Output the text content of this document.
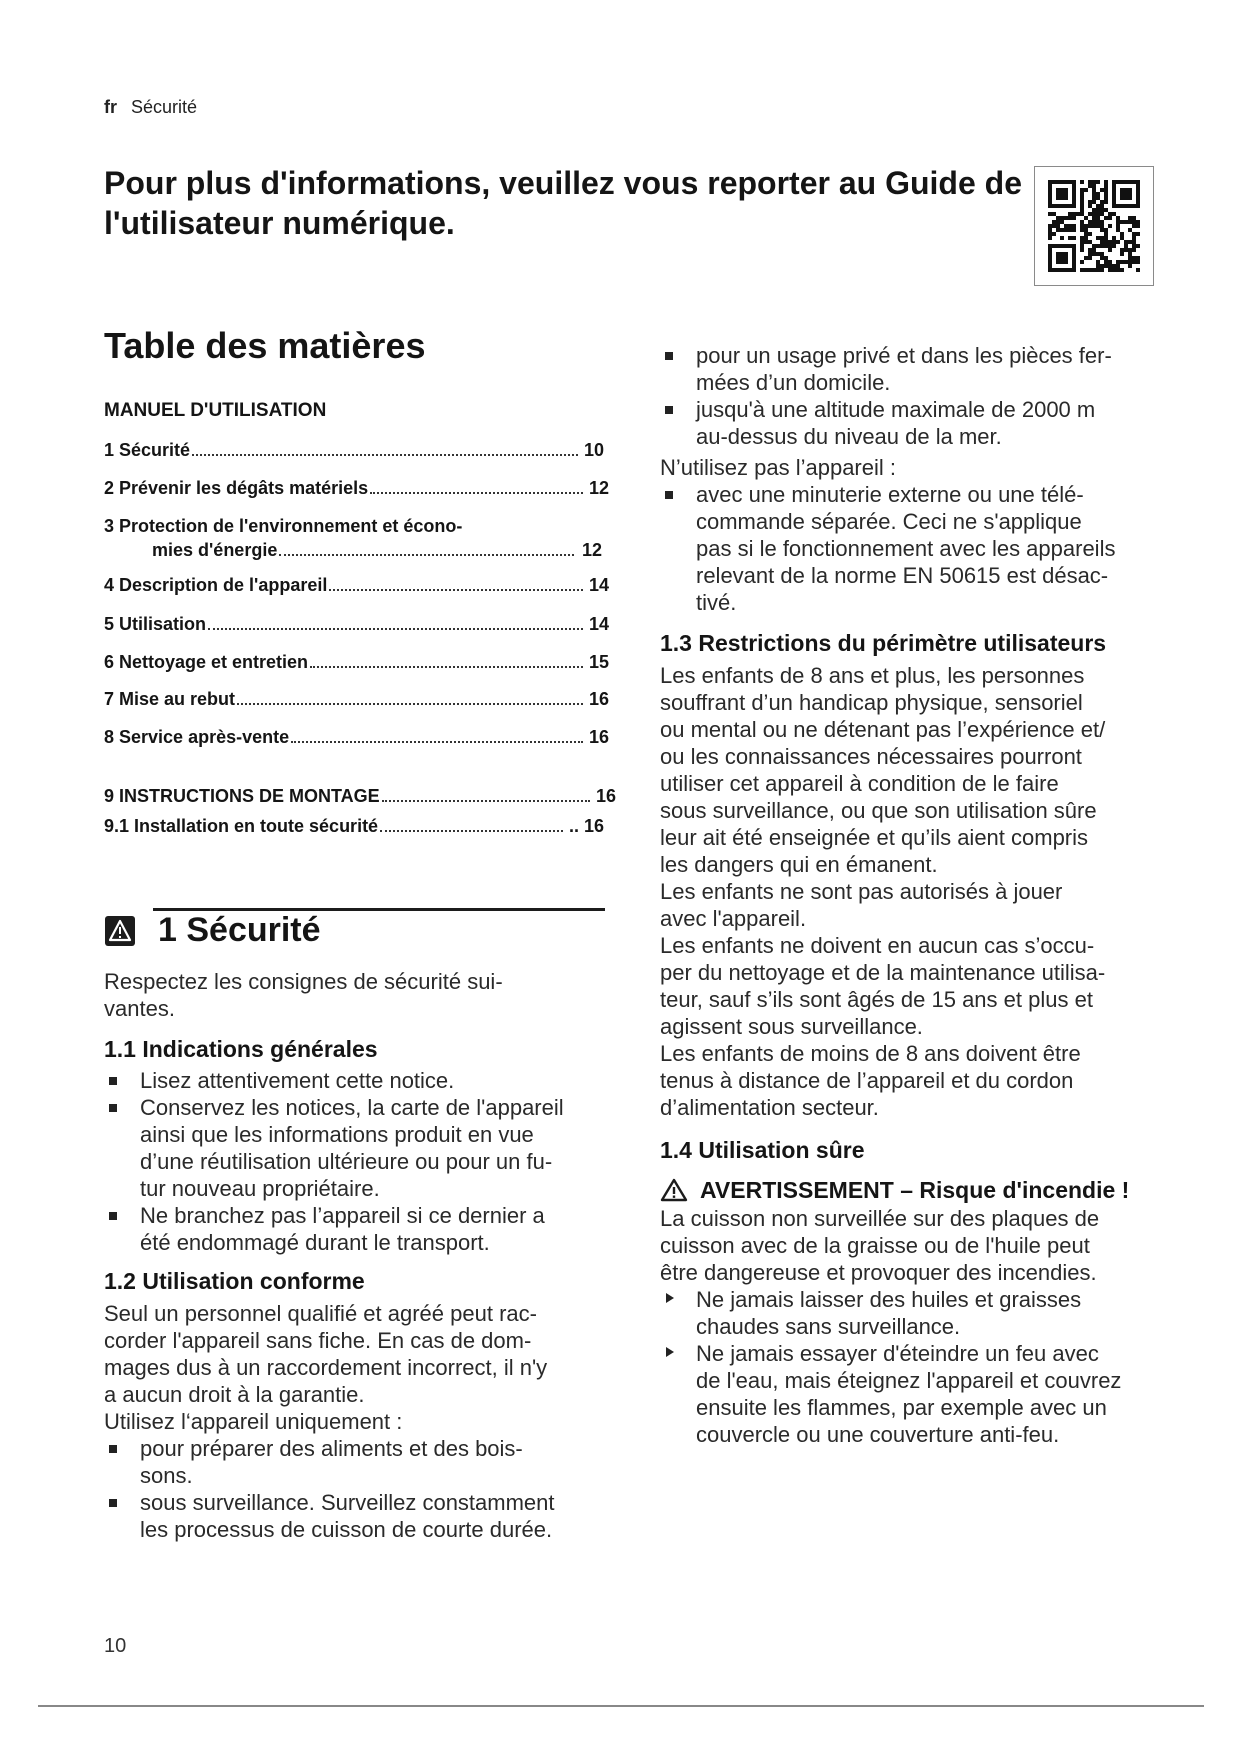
fr Sécurité
Pour plus d'informations, veuillez vous reporter au Guide de
l'utilisateur numérique.
Table des matières
MANUEL D'UTILISATION
1 Sécurité	10
2 Prévenir les dégâts matériels	12
3 Protection de l'environnement et écono-
mies d'énergie	12
4 Description de l'appareil	14
5 Utilisation	14
6 Nettoyage et entretien	15
7 Mise au rebut	16
8 Service après-vente	16
9 INSTRUCTIONS DE MONTAGE	16
9.1 Installation en toute sécurité	.. 16
1 Sécurité

Respectez les consignes de sécurité sui-
vantes.

1.1 Indications générales
Lisez attentivement cette notice.
Conservez les notices, la carte de l'appareil
ainsi que les informations produit en vue
d’une réutilisation ultérieure ou pour un fu-
tur nouveau propriétaire.
Ne branchez pas l’appareil si ce dernier a
été endommagé durant le transport.
1.2 Utilisation conforme

Seul un personnel qualifié et agréé peut rac-
corder l'appareil sans fiche. En cas de dom-
mages dus à un raccordement incorrect, il n'y
a aucun droit à la garantie.

Utilisez l‘appareil uniquement :

pour préparer des aliments et des bois-
sons.
sous surveillance. Surveillez constamment
les processus de cuisson de courte durée.
pour un usage privé et dans les pièces fer-
mées d’un domicile.
jusqu'à une altitude maximale de 2000 m
au-dessus du niveau de la mer.

N’utilisez pas l’appareil :

avec une minuterie externe ou une télé-
commande séparée. Ceci ne s'applique
pas si le fonctionnement avec les appareils
relevant de la norme EN 50615 est désac-
tivé.
1.3 Restrictions du périmètre utilisateurs

Les enfants de 8 ans et plus, les personnes
souffrant d’un handicap physique, sensoriel
ou mental ou ne détenant pas l’expérience et/
ou les connaissances nécessaires pourront
utiliser cet appareil à condition de le faire
sous surveillance, ou que son utilisation sûre
leur ait été enseignée et qu’ils aient compris
les dangers qui en émanent.

Les enfants ne sont pas autorisés à jouer
avec l'appareil.

Les enfants ne doivent en aucun cas s’occu-
per du nettoyage et de la maintenance utilisa-
teur, sauf s’ils sont âgés de 15 ans et plus et
agissent sous surveillance.

Les enfants de moins de 8 ans doivent être
tenus à distance de l’appareil et du cordon
d’alimentation secteur.

1.4 Utilisation sûre
AVERTISSEMENT – Risque d'incendie !

La cuisson non surveillée sur des plaques de
cuisson avec de la graisse ou de l'huile peut
être dangereuse et provoquer des incendies.

Ne jamais laisser des huiles et graisses
chaudes sans surveillance.
Ne jamais essayer d'éteindre un feu avec
de l'eau, mais éteignez l'appareil et couvrez
ensuite les flammes, par exemple avec un
couvercle ou une couverture anti-feu.
10
